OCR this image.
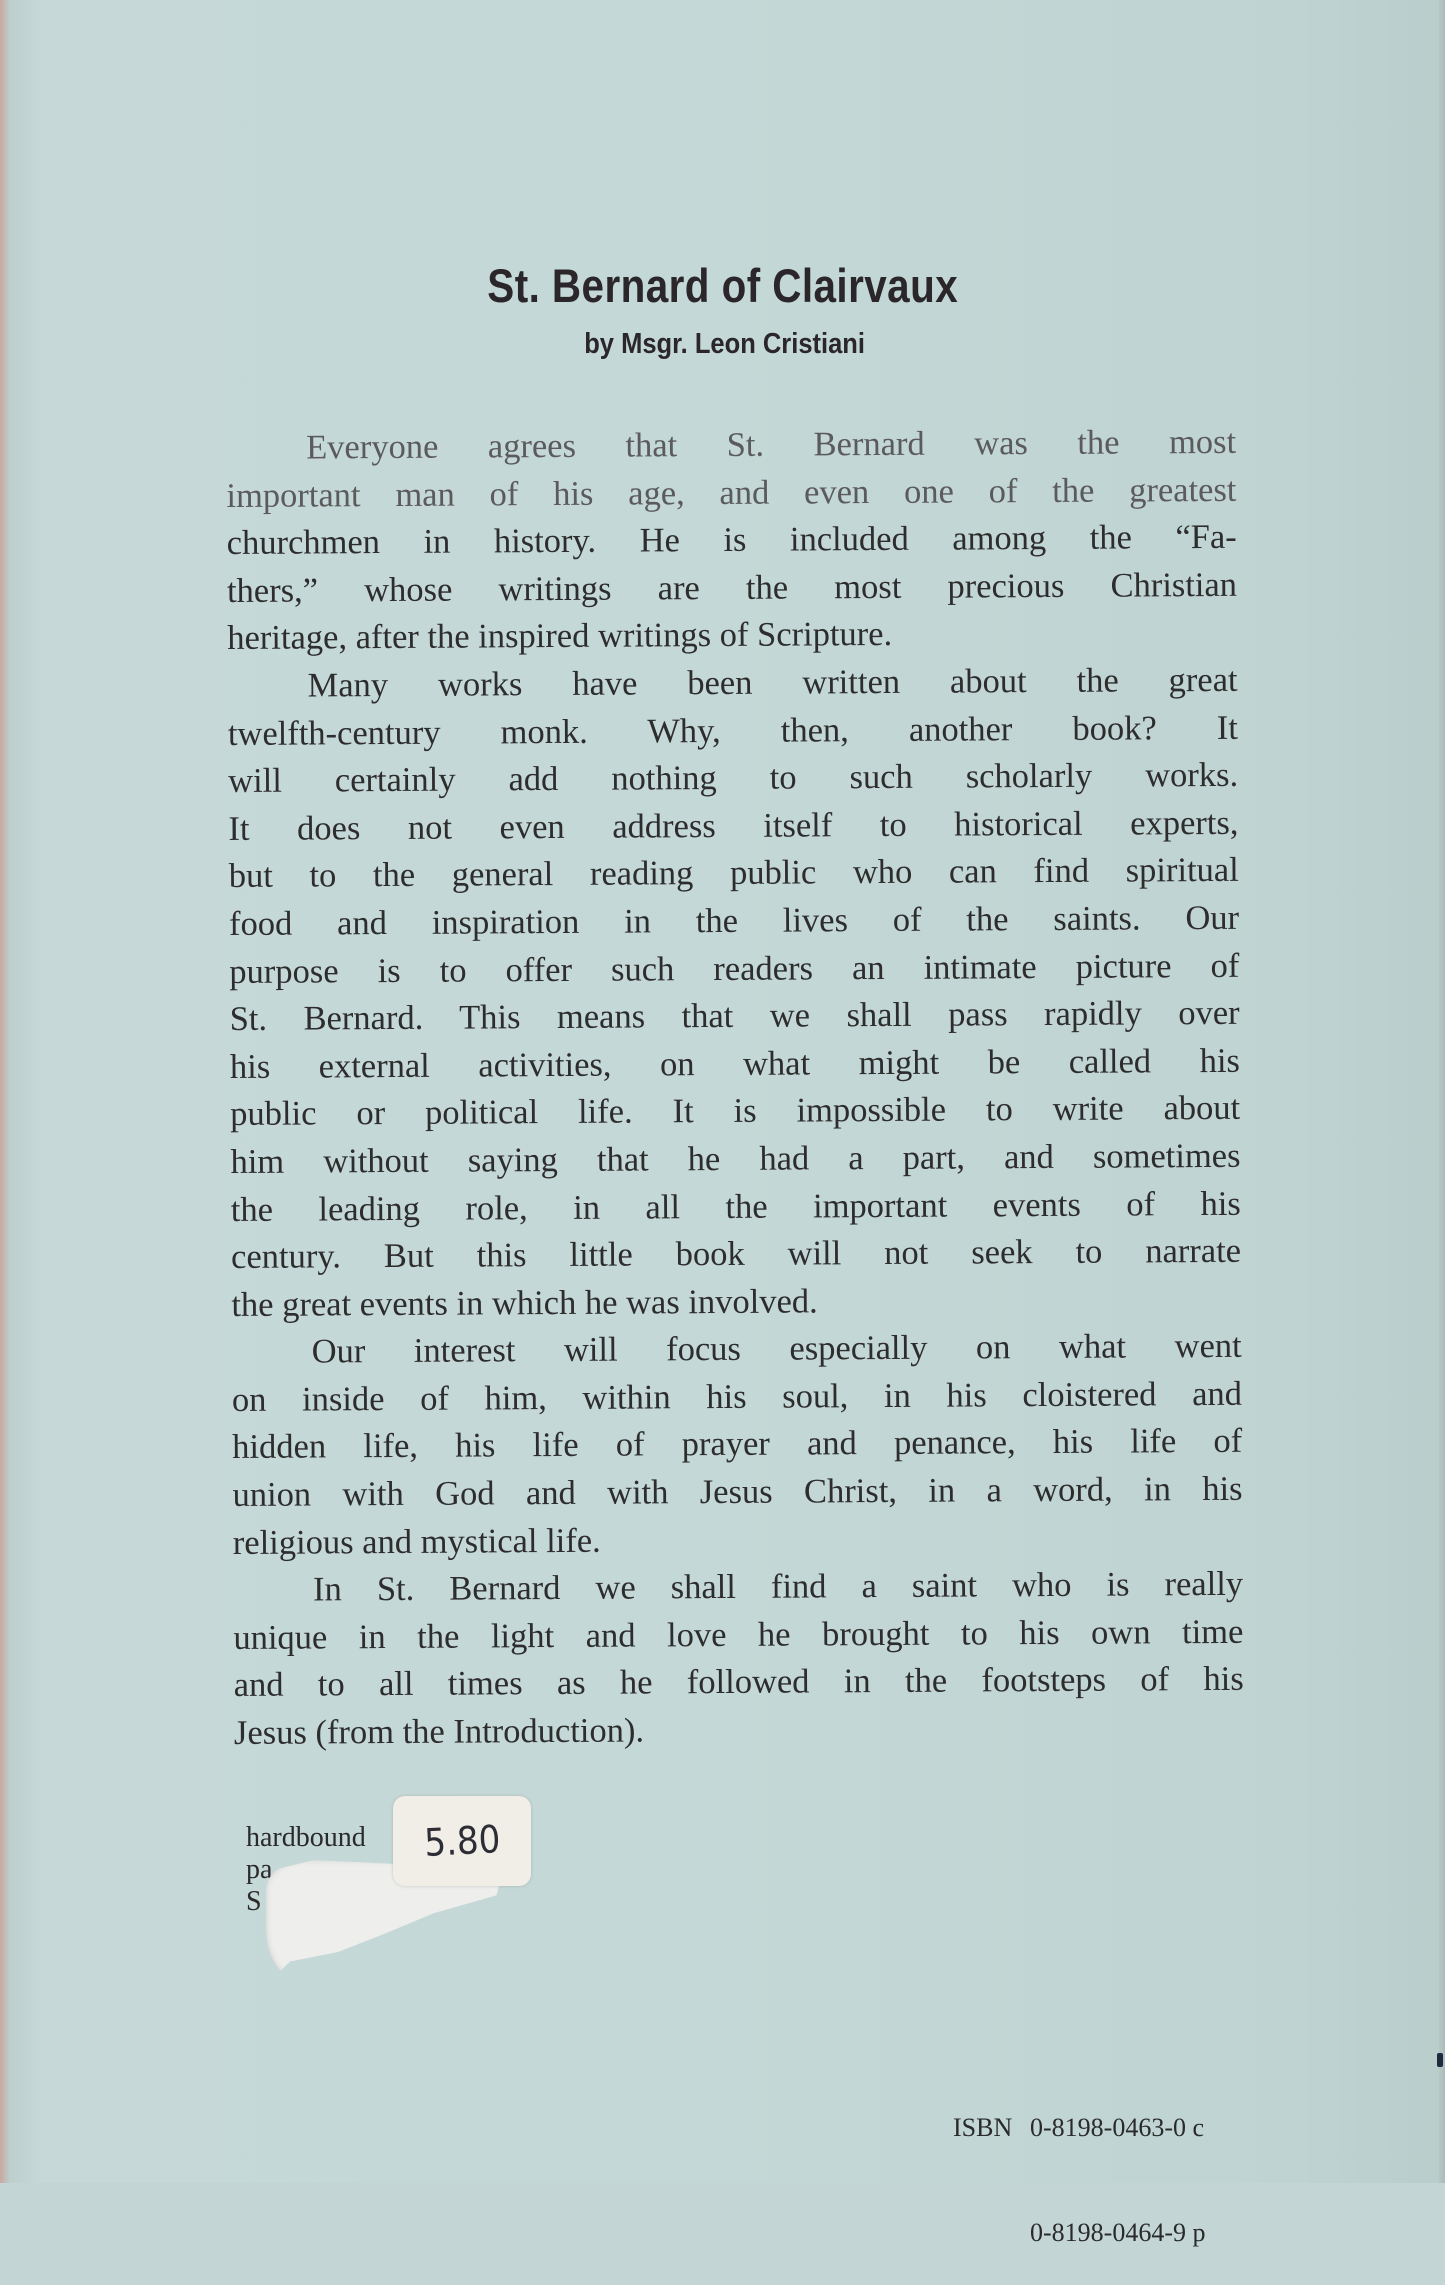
St. Bernard of Clairvaux
by Msgr. Leon Cristiani
Everyone agrees that St. Bernard was the most
important man of his age, and even one of the greatest
churchmen in history. He is included among the “Fa-
thers,” whose writings are the most precious Christian
heritage, after the inspired writings of Scripture.
Many works have been written about the great
twelfth-century monk. Why, then, another book? It
will certainly add nothing to such scholarly works.
It does not even address itself to historical experts,
but to the general reading public who can find spiritual
food and inspiration in the lives of the saints. Our
purpose is to offer such readers an intimate picture of
St. Bernard. This means that we shall pass rapidly over
his external activities, on what might be called his
public or political life. It is impossible to write about
him without saying that he had a part, and sometimes
the leading role, in all the important events of his
century. But this little book will not seek to narrate
the great events in which he was involved.
Our interest will focus especially on what went
on inside of him, within his soul, in his cloistered and
hidden life, his life of prayer and penance, his life of
union with God and with Jesus Christ, in a word, in his
religious and mystical life.
In St. Bernard we shall find a saint who is really
unique in the light and love he brought to his own time
and to all times as he followed in the footsteps of his
Jesus (from the Introduction).
hardbound
pa
S
5.80

ISBN 0-8198-0463-0 c

0-8198-0464-9 p
